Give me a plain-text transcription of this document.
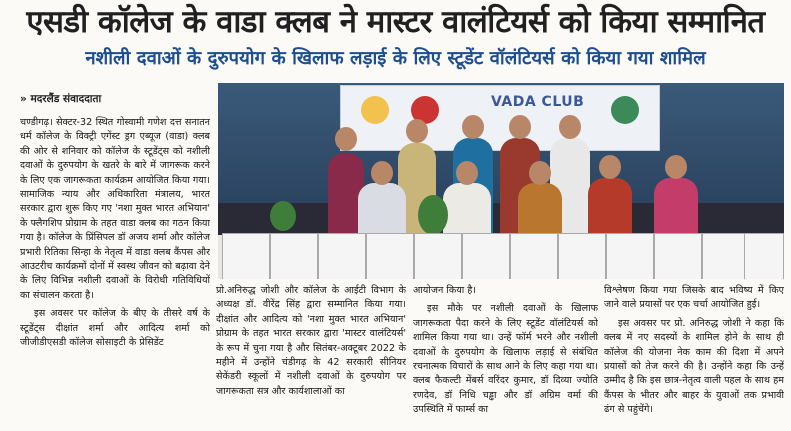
एसडी कॉलेज के वाडा क्लब ने मास्टर वालंटियर्स को किया सम्मानित
नशीली दवाओं के दुरुपयोग के खिलाफ लड़ाई के लिए स्टूडेंट वॉलंटियर्स को किया गया शामिल
» मदरलैंड संवाददाता

चण्डीगढ़। सेक्टर-32 स्थित गोस्वामी गणेश दत्त सनातन धर्म कॉलेज के विक्ट्री एगेंस्ट ड्रग एब्यूज (वाडा) क्लब की ओर से शनिवार को कॉलेज के स्टूडेंट्स को नशीली दवाओं के दुरुपयोग के खतरे के बारे में जागरूक करने के लिए एक जागरूकता कार्यक्रम आयोजित किया गया। सामाजिक न्याय और अधिकारिता मंत्रालय, भारत सरकार द्वारा शुरू किए गए 'नशा मुक्त भारत अभियान' के फ्लैगशिप प्रोग्राम के तहत वाडा क्लब का गठन किया गया है। कॉलेज के प्रिंसिपल डॉ अजय शर्मा और कॉलेज प्रभारी रितिका सिन्हा के नेतृत्व में वाडा क्लब कैंपस और आउटरीच कार्यक्रमों दोनों में स्वस्थ जीवन को बढ़ावा देने के लिए विभिन्न नशीली दवाओं के विरोधी गतिविधियों का संचालन करता है।

इस अवसर पर कॉलेज के बीए के तीसरे वर्ष के स्टूडेंट्स दीक्षांत शर्मा और आदित्य शर्मा को जीजीडीएसडी कॉलेज सोसाइटी के प्रेसिडेंट

VADA CLUB

प्रो.अनिरुद्ध जोशी और कॉलेज के आईटी विभाग के अध्यक्ष डॉ. वीरेंद्र सिंह द्वारा सम्मानित किया गया। दीक्षांत और आदित्य को 'नशा मुक्त भारत अभियान' प्रोग्राम के तहत भारत सरकार द्वारा 'मास्टर वालंटियर्स' के रूप में चुना गया है और सितंबर-अक्टूबर 2022 के महीने में उन्होंने चंडीगढ़ के 42 सरकारी सीनियर सेकेंडरी स्कूलों में नशीली दवाओं के दुरुपयोग पर जागरूकता सत्र और कार्यशालाओं का

आयोजन किया है।

इस मौके पर नशीली दवाओं के खिलाफ जागरूकता पैदा करने के लिए स्टूडेंट वॉलंटियर्स को शामिल किया गया था। उन्हें फॉर्म भरने और नशीली दवाओं के दुरुपयोग के खिलाफ लड़ाई से संबंधित रचनात्मक विचारों के साथ आने के लिए कहा गया था। क्लब फैकल्टी मेंबर्स वरिंदर कुमार, डॉ दिव्या ज्योति रणदेव, डॉ निधि चड्ढा और डॉ अग्रिम वर्मा की उपस्थिति में फार्म्स का

विश्लेषण किया गया जिसके बाद भविष्य में किए जाने वाले प्रयासों पर एक चर्चा आयोजित हुई।

इस अवसर पर प्रो. अनिरुद्ध जोशी ने कहा कि क्लब में नए सदस्यों के शामिल होने के साथ ही कॉलेज की योजना नेक काम की दिशा में अपने प्रयासों को तेज करने की है। उन्होंने कहा कि उन्हें उम्मीद है कि इस छात्र-नेतृत्व वाली पहल के साथ हम कैंपस के भीतर और बाहर के युवाओं तक प्रभावी ढंग से पहुंचेंगे।
